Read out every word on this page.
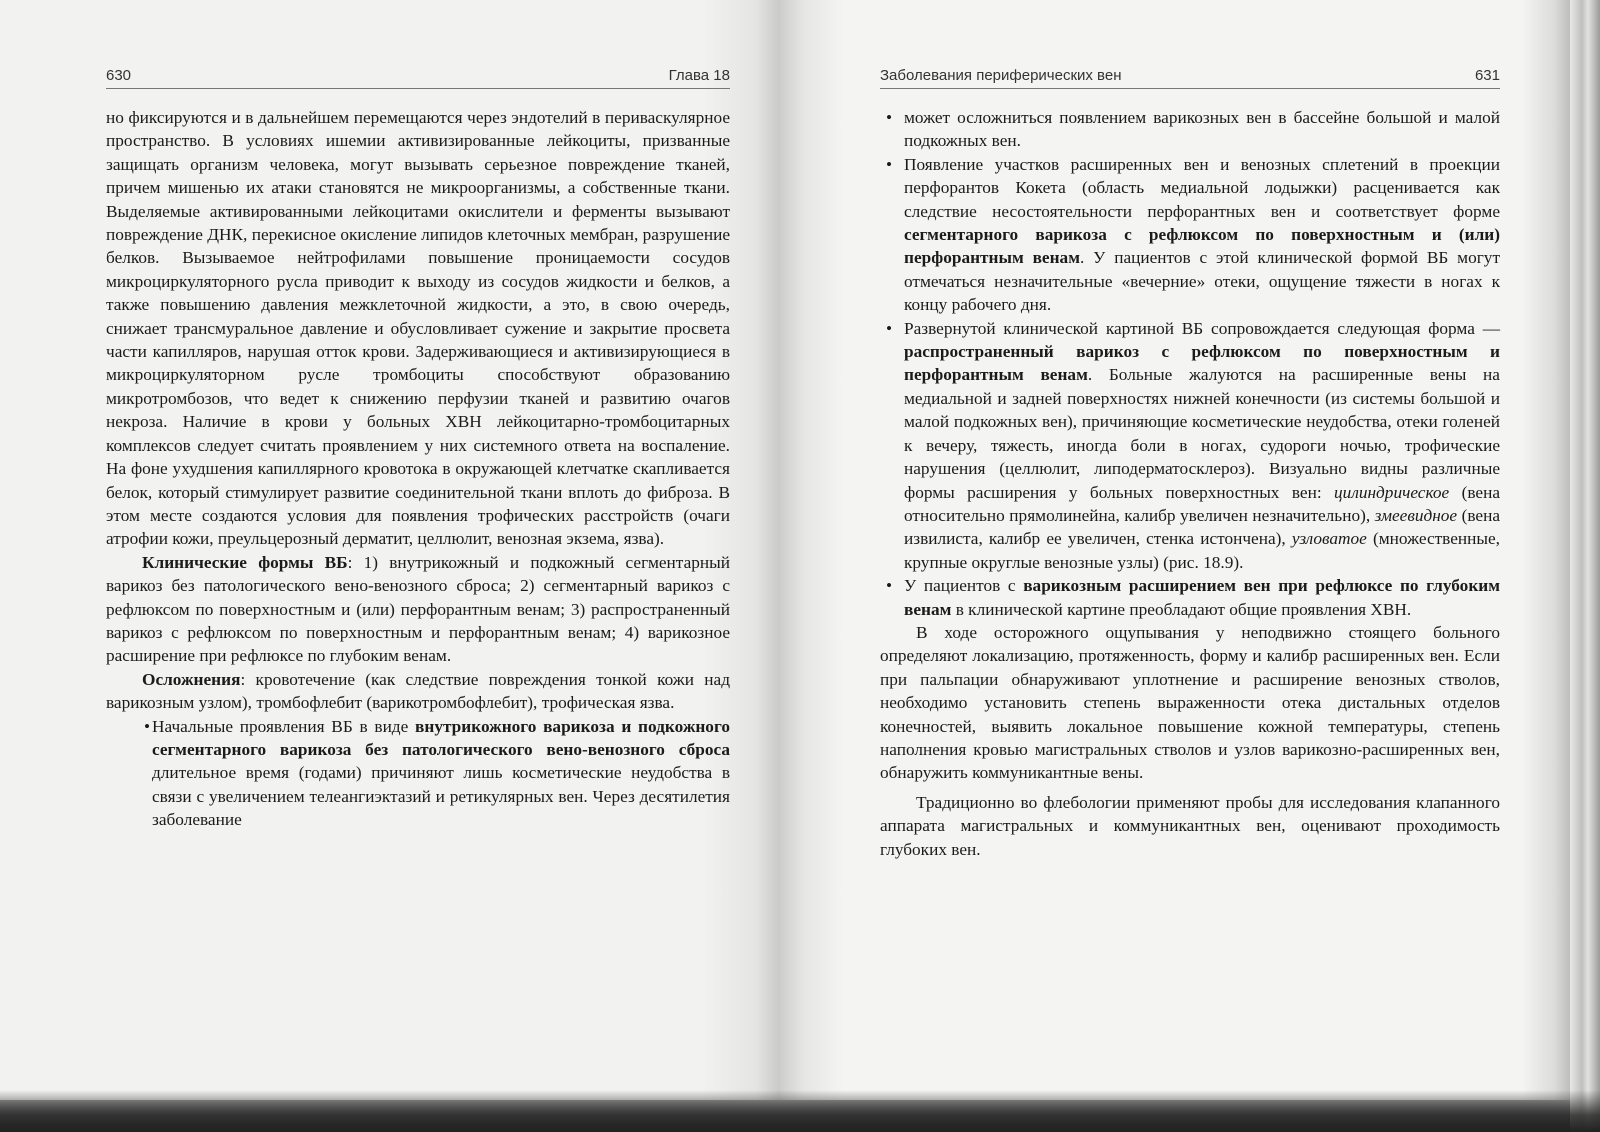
630	Глава 18	Заболевания периферических вен	631

но фиксируются и в дальнейшем перемещаются через эндотелий в периваскулярное пространство. В условиях ишемии активизированные лейкоциты, призванные защищать организм человека, могут вызывать серьезное повреждение тканей, причем мишенью их атаки становятся не микроорганизмы, а собственные ткани. Выделяемые активированными лейкоцитами окислители и ферменты вызывают повреждение ДНК, перекисное окисление липидов клеточных мембран, разрушение белков. Вызываемое нейтрофилами повышение проницаемости сосудов микроциркуляторного русла приводит к выходу из сосудов жидкости и белков, а также повышению давления межклеточной жидкости, а это, в свою очередь, снижает трансмуральное давление и обусловливает сужение и закрытие просвета части капилляров, нарушая отток крови. Задерживающиеся и активизирующиеся в микроциркуляторном русле тромбоциты способствуют образованию микротромбозов, что ведет к снижению перфузии тканей и развитию очагов некроза. Наличие в крови у больных ХВН лейкоцитарно-тромбоцитарных комплексов следует считать проявлением у них системного ответа на воспаление. На фоне ухудшения капиллярного кровотока в окружающей клетчатке скапливается белок, который стимулирует развитие соединительной ткани вплоть до фиброза. В этом месте создаются условия для появления трофических расстройств (очаги атрофии кожи, преульцерозный дерматит, целлюлит, венозная экзема, язва).

Клинические формы ВБ: 1) внутрикожный и подкожный сегментарный варикоз без патологического вено-венозного сброса; 2) сегментарный варикоз с рефлюксом по поверхностным и (или) перфорантным венам; 3) распространенный варикоз с рефлюксом по поверхностным и перфорантным венам; 4) варикозное расширение при рефлюксе по глубоким венам.

Осложнения: кровотечение (как следствие повреждения тонкой кожи над варикозным узлом), тромбофлебит (варикотромбофлебит), трофическая язва.

• Начальные проявления ВБ в виде внутрикожного варикоза и подкожного сегментарного варикоза без патологического вено-венозного сброса длительное время (годами) причиняют лишь косметические неудобства в связи с увеличением телеангиэктазий и ретикулярных вен. Через десятилетия заболевание
• может осложниться появлением варикозных вен в бассейне большой и малой подкожных вен.
• Появление участков расширенных вен и венозных сплетений в проекции перфорантов Кокета (область медиальной лодыжки) расценивается как следствие несостоятельности перфорантных вен и соответствует форме сегментарного варикоза с рефлюксом по поверхностным и (или) перфорантным венам. У пациентов с этой клинической формой ВБ могут отмечаться незначительные «вечерние» отеки, ощущение тяжести в ногах к концу рабочего дня.
• Развернутой клинической картиной ВБ сопровождается следующая форма — распространенный варикоз с рефлюксом по поверхностным и перфорантным венам. Больные жалуются на расширенные вены на медиальной и задней поверхностях нижней конечности (из системы большой и малой подкожных вен), причиняющие косметические неудобства, отеки голеней к вечеру, тяжесть, иногда боли в ногах, судороги ночью, трофические нарушения (целлюлит, липодерматосклероз). Визуально видны различные формы расширения у больных поверхностных вен: цилиндрическое (вена относительно прямолинейна, калибр увеличен незначительно), змеевидное (вена извилиста, калибр ее увеличен, стенка истончена), узловатое (множественные, крупные округлые венозные узлы) (рис. 18.9).
• У пациентов с варикозным расширением вен при рефлюксе по глубоким венам в клинической картине преобладают общие проявления ХВН.

В ходе осторожного ощупывания у неподвижно стоящего больного определяют локализацию, протяженность, форму и калибр расширенных вен. Если при пальпации обнаруживают уплотнение и расширение венозных стволов, необходимо установить степень выраженности отека дистальных отделов конечностей, выявить локальное повышение кожной температуры, степень наполнения кровью магистральных стволов и узлов варикозно-расширенных вен, обнаружить коммуникантные вены.

Традиционно во флебологии применяют пробы для исследования клапанного аппарата магистральных и коммуникантных вен, оценивают проходимость глубоких вен.
